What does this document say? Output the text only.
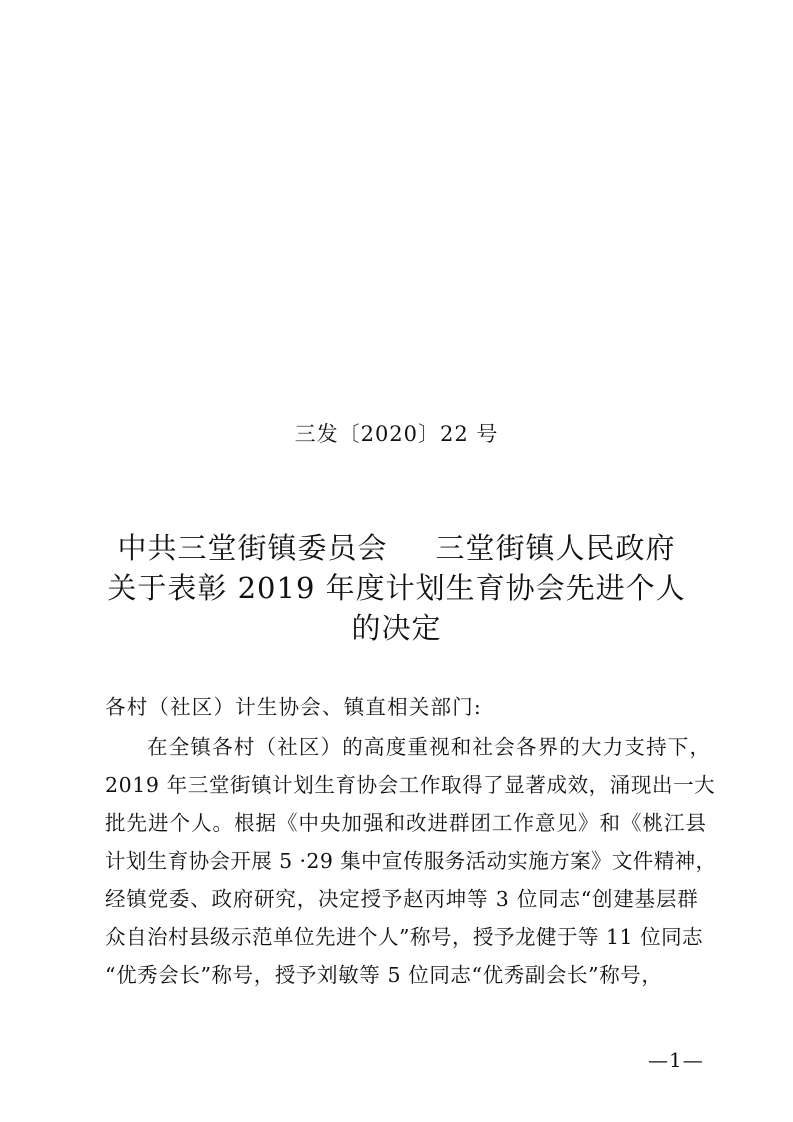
三发〔2020〕22 号
中共三堂街镇委员会 三堂街镇人民政府
关于表彰 2019 年度计划生育协会先进个人
的决定
各村（社区）计生协会、镇直相关部门:
在全镇各村（社区）的高度重视和社会各界的大力支持下，
2019 年三堂街镇计划生育协会工作取得了显著成效，涌现出一大
批先进个人。根据《中央加强和改进群团工作意见》和《桃江县
计划生育协会开展 5 ·29 集中宣传服务活动实施方案》文件精神，
经镇党委、政府研究，决定授予赵丙坤等 3 位同志“创建基层群
众自治村县级示范单位先进个人”称号，授予龙健于等 11 位同志
“优秀会长”称号，授予刘敏等 5 位同志“优秀副会长”称号，
—1—
